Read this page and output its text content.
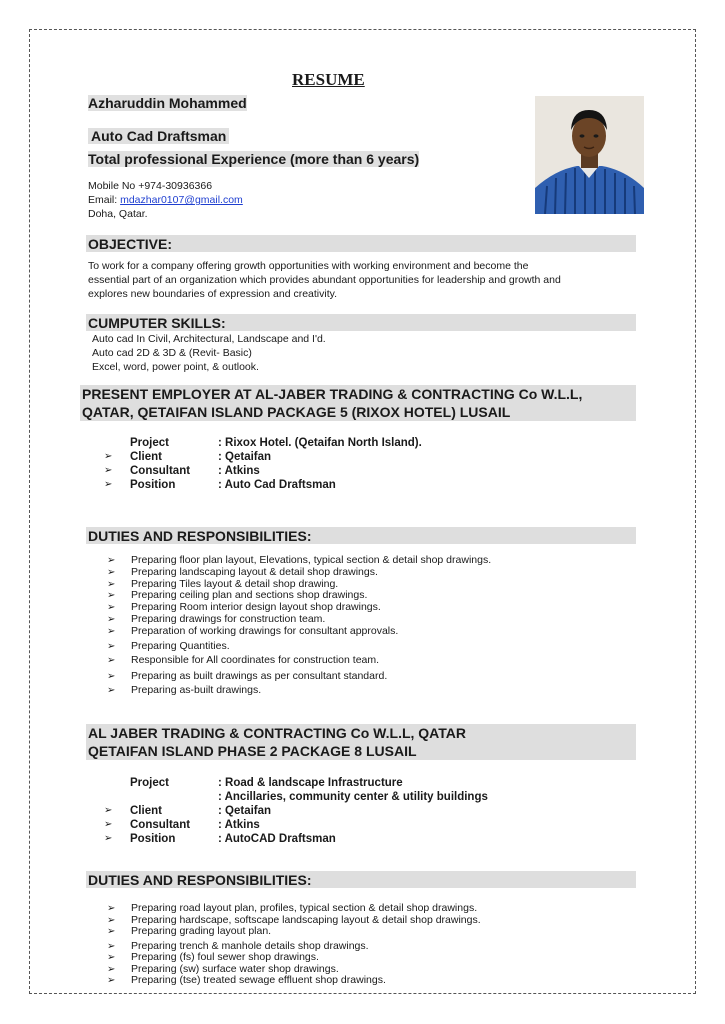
RESUME
Azharuddin Mohammed
Auto Cad Draftsman
Total professional Experience (more than 6 years)
Mobile No +974-30936366
Email: mdazhar0107@gmail.com
Doha, Qatar.
OBJECTIVE:
To work for a company offering growth opportunities with working environment and become the
essential part of an organization which provides abundant opportunities for leadership and growth and
explores new boundaries of expression and creativity.
CUMPUTER SKILLS:
Auto cad In Civil, Architectural, Landscape and I'd.
Auto cad 2D & 3D & (Revit- Basic)
Excel, word, power point, & outlook.
PRESENT EMPLOYER AT AL-JABER TRADING & CONTRACTING Co W.L.L,
QATAR, QETAIFAN ISLAND PACKAGE 5 (RIXOX HOTEL) LUSAIL
	Project	: Rixox Hotel. (Qetaifan North Island).
➢	Client	: Qetaifan
➢	Consultant	: Atkins
➢	Position	: Auto Cad Draftsman
DUTIES AND RESPONSIBILITIES:
➢ Preparing floor plan layout, Elevations, typical section & detail shop drawings.
➢ Preparing landscaping layout & detail shop drawings.
➢ Preparing Tiles layout & detail shop drawing.
➢ Preparing ceiling plan and sections shop drawings.
➢ Preparing Room interior design layout shop drawings.
➢ Preparing drawings for construction team.
➢ Preparation of working drawings for consultant approvals.
➢ Preparing Quantities.
➢ Responsible for All coordinates for construction team.
➢ Preparing as built drawings as per consultant standard.
➢ Preparing as-built drawings.
AL JABER TRADING & CONTRACTING Co W.L.L, QATAR
QETAIFAN ISLAND PHASE 2 PACKAGE 8 LUSAIL
	Project	: Road & landscape Infrastructure
		: Ancillaries, community center & utility buildings
➢	Client	: Qetaifan
➢	Consultant	: Atkins
➢	Position	: AutoCAD Draftsman
DUTIES AND RESPONSIBILITIES:
➢ Preparing road layout plan, profiles, typical section & detail shop drawings.
➢ Preparing hardscape, softscape landscaping layout & detail shop drawings.
➢ Preparing grading layout plan.
➢ Preparing trench & manhole details shop drawings.
➢ Preparing (fs) foul sewer shop drawings.
➢ Preparing (sw) surface water shop drawings.
➢ Preparing (tse) treated sewage effluent shop drawings.
